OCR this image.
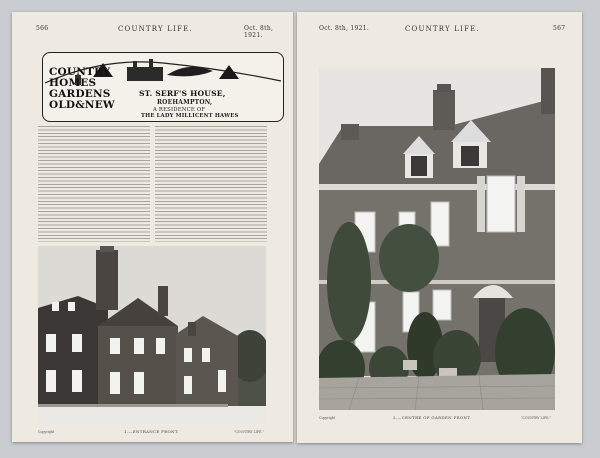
566	COUNTRY LIFE.	Oct. 8th, 1921.
COUNTRY
HOMES
GARDENS
OLD&NEW
ST. SERF'S HOUSE,
ROEHAMPTON,
A RESIDENCE OF
THE LADY MILLICENT HAWES
Copyright	1.—ENTRANCE FRONT.	"COUNTRY LIFE."
Oct. 8th, 1921.	COUNTRY LIFE.	567
Copyright	2.—CENTRE OF GARDEN FRONT.	"COUNTRY LIFE."
